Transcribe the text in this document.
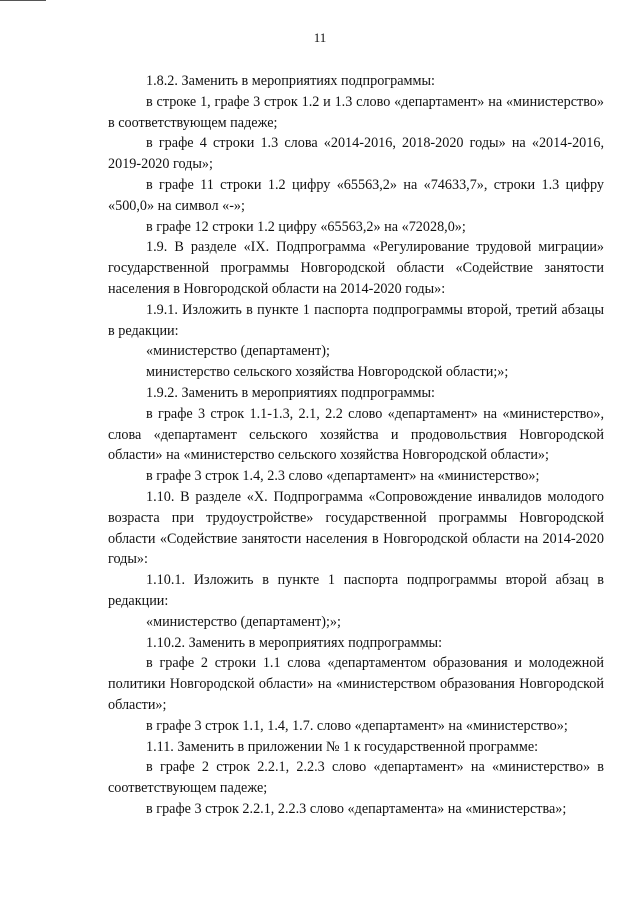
11

1.8.2. Заменить в мероприятиях подпрограммы:

в строке 1, графе 3 строк 1.2 и 1.3 слово «департамент» на «министерство» в соответствующем падеже;

в графе 4 строки 1.3 слова «2014-2016, 2018-2020 годы» на «2014-2016, 2019-2020 годы»;

в графе 11 строки 1.2 цифру «65563,2» на «74633,7», строки 1.3 цифру «500,0» на символ «-»;

в графе 12 строки 1.2 цифру «65563,2» на «72028,0»;

1.9. В разделе «IX. Подпрограмма «Регулирование трудовой миграции» государственной программы Новгородской области «Содействие занятости населения в Новгородской области на 2014-2020 годы»:

1.9.1. Изложить в пункте 1 паспорта подпрограммы второй, третий абзацы в редакции:

«министерство (департамент);

министерство сельского хозяйства Новгородской области;»;

1.9.2. Заменить в мероприятиях подпрограммы:

в графе 3 строк 1.1-1.3, 2.1, 2.2 слово «департамент» на «министерство», слова «департамент сельского хозяйства и продовольствия Новгородской области» на «министерство сельского хозяйства Новгородской области»;

в графе 3 строк 1.4, 2.3 слово «департамент» на «министерство»;

1.10. В разделе «X. Подпрограмма «Сопровождение инвалидов молодого возраста при трудоустройстве» государственной программы Новгородской области «Содействие занятости населения в Новгородской области на 2014-2020 годы»:

1.10.1. Изложить в пункте 1 паспорта подпрограммы второй абзац в редакции:

«министерство (департамент);»;

1.10.2. Заменить в мероприятиях подпрограммы:

в графе 2 строки 1.1 слова «департаментом образования и молодежной политики Новгородской области» на «министерством образования Новгородской области»;

в графе 3 строк 1.1, 1.4, 1.7. слово «департамент» на «министерство»;

1.11. Заменить в приложении № 1 к государственной программе:

в графе 2 строк 2.2.1, 2.2.3 слово «департамент» на «министерство» в соответствующем падеже;

в графе 3 строк 2.2.1, 2.2.3 слово «департамента» на «министерства»;
